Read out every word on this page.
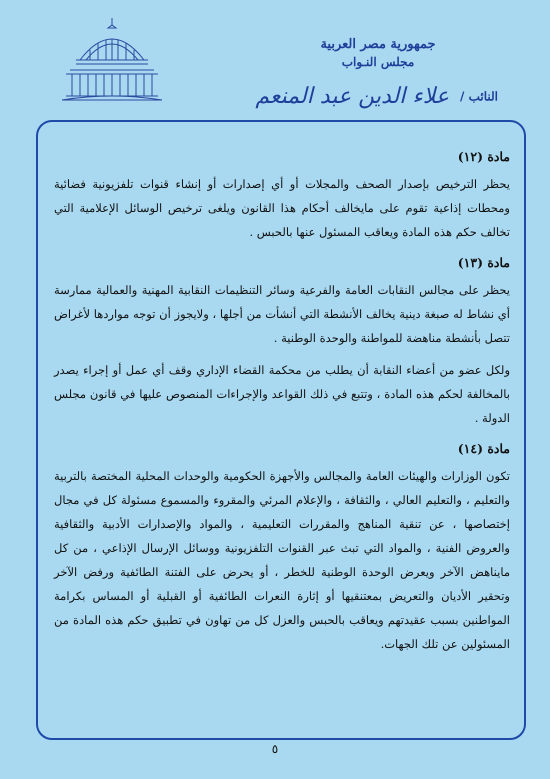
جمهورية مصر العربية
مجلس النـواب
النائب / علاء الدين عبد المنعم
مادة (١٢)

يحظر الترخيص بإصدار الصحف والمجلات أو أي إصدارات أو إنشاء قنوات تلفزيونية فضائية ومحطات إذاعية تقوم على مايخالف أحكام هذا القانون ويلغى ترخيص الوسائل الإعلامية التي تخالف حكم هذه المادة ويعاقب المسئول عنها بالحبس .

مادة (١٣)

يحظر على مجالس النقابات العامة والفرعية وسائر التنظيمات النقابية المهنية والعمالية ممارسة أي نشاط له صبغة دينية يخالف الأنشطة التي أنشأت من أجلها ، ولايجوز أن توجه مواردها لأغراض تتصل بأنشطة مناهضة للمواطنة والوحدة الوطنية .

ولكل عضو من أعضاء النقابة أن يطلب من محكمة القضاء الإداري وقف أي عمل أو إجراء يصدر بالمخالفة لحكم هذه المادة ، وتتبع في ذلك القواعد والإجراءات المنصوص عليها في قانون مجلس الدولة .

مادة (١٤)

تكون الوزارات والهيئات العامة والمجالس والأجهزة الحكومية والوحدات المحلية المختصة بالتربية والتعليم ، والتعليم العالي ، والثقافة ، والإعلام المرئي والمقروء والمسموع مسئولة كل في مجال إختصاصها ، عن تنقية المناهج والمقررات التعليمية ، والمواد والإصدارات الأدبية والثقافية والعروض الفنية ، والمواد التي تبث عبر القنوات التلفزيونية ووسائل الإرسال الإذاعي ، من كل مايناهض الآخر ويعرض الوحدة الوطنية للخطر ، أو يحرض على الفتنة الطائفية ورفض الآخر وتحقير الأديان والتعريض بمعتنقيها أو إثارة النعرات الطائفية أو القبلية أو المساس بكرامة المواطنين بسبب عقيدتهم ويعاقب بالحبس والعزل كل من تهاون في تطبيق حكم هذه المادة من المسئولين عن تلك الجهات.

٥
